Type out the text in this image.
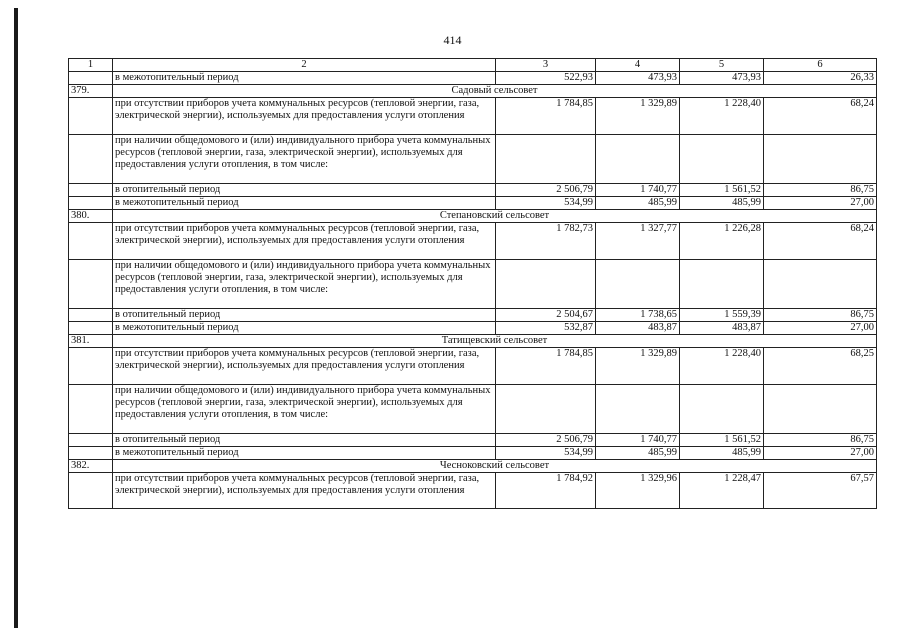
414
1	2	3	4	5	6
	в межотопительный период	522,93	473,93	473,93	26,33
379.	Садовый сельсовет				
	при отсутствии приборов учета коммунальных ресурсов (тепловой энергии, газа, электрической энергии), используемых для предоставления услуги отопления	1 784,85	1 329,89	1 228,40	68,24
	при наличии общедомового и (или) индивидуального прибора учета коммунальных ресурсов (тепловой энергии, газа, электрической энергии), используемых для предоставления услуги отопления, в том числе:				
	в отопительный период	2 506,79	1 740,77	1 561,52	86,75
	в межотопительный период	534,99	485,99	485,99	27,00
380.	Степановский сельсовет				
	при отсутствии приборов учета коммунальных ресурсов (тепловой энергии, газа, электрической энергии), используемых для предоставления услуги отопления	1 782,73	1 327,77	1 226,28	68,24
	при наличии общедомового и (или) индивидуального прибора учета коммунальных ресурсов (тепловой энергии, газа, электрической энергии), используемых для предоставления услуги отопления, в том числе:				
	в отопительный период	2 504,67	1 738,65	1 559,39	86,75
	в межотопительный период	532,87	483,87	483,87	27,00
381.	Татищевский сельсовет				
	при отсутствии приборов учета коммунальных ресурсов (тепловой энергии, газа, электрической энергии), используемых для предоставления услуги отопления	1 784,85	1 329,89	1 228,40	68,25
	при наличии общедомового и (или) индивидуального прибора учета коммунальных ресурсов (тепловой энергии, газа, электрической энергии), используемых для предоставления услуги отопления, в том числе:				
	в отопительный период	2 506,79	1 740,77	1 561,52	86,75
	в межотопительный период	534,99	485,99	485,99	27,00
382.	Чесноковский сельсовет				
	при отсутствии приборов учета коммунальных ресурсов (тепловой энергии, газа, электрической энергии), используемых для предоставления услуги отопления	1 784,92	1 329,96	1 228,47	67,57
